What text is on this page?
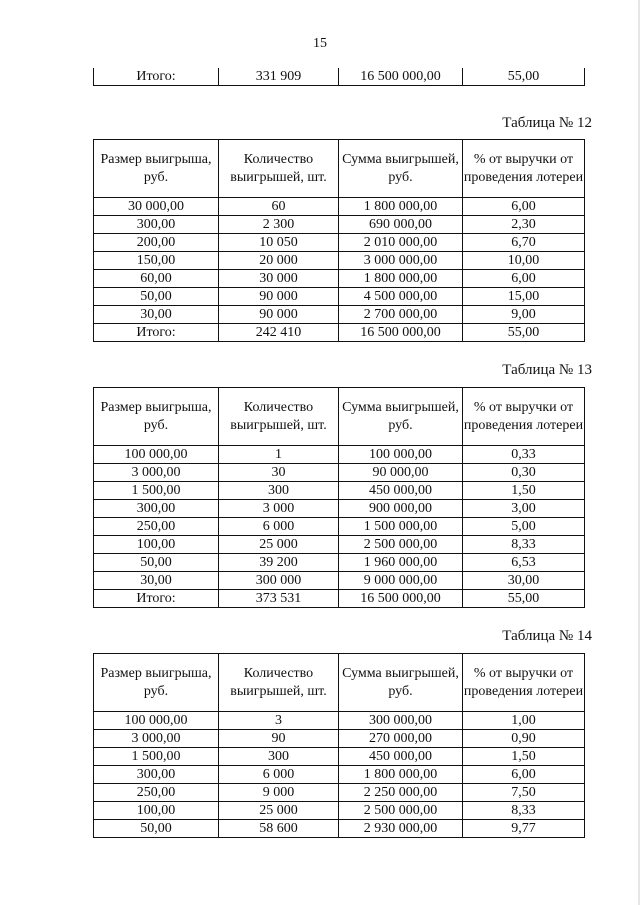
15
Итого:	331 909	16 500 000,00	55,00
Таблица № 12
Размер выигрыша, руб.	Количество выигрышей, шт.	Сумма выигрышей, руб.	% от выручки от проведения лотереи
30 000,00	60	1 800 000,00	6,00
300,00	2 300	690 000,00	2,30
200,00	10 050	2 010 000,00	6,70
150,00	20 000	3 000 000,00	10,00
60,00	30 000	1 800 000,00	6,00
50,00	90 000	4 500 000,00	15,00
30,00	90 000	2 700 000,00	9,00
Итого:	242 410	16 500 000,00	55,00
Таблица № 13
Размер выигрыша, руб.	Количество выигрышей, шт.	Сумма выигрышей, руб.	% от выручки от проведения лотереи
100 000,00	1	100 000,00	0,33
3 000,00	30	90 000,00	0,30
1 500,00	300	450 000,00	1,50
300,00	3 000	900 000,00	3,00
250,00	6 000	1 500 000,00	5,00
100,00	25 000	2 500 000,00	8,33
50,00	39 200	1 960 000,00	6,53
30,00	300 000	9 000 000,00	30,00
Итого:	373 531	16 500 000,00	55,00
Таблица № 14
Размер выигрыша, руб.	Количество выигрышей, шт.	Сумма выигрышей, руб.	% от выручки от проведения лотереи
100 000,00	3	300 000,00	1,00
3 000,00	90	270 000,00	0,90
1 500,00	300	450 000,00	1,50
300,00	6 000	1 800 000,00	6,00
250,00	9 000	2 250 000,00	7,50
100,00	25 000	2 500 000,00	8,33
50,00	58 600	2 930 000,00	9,77
